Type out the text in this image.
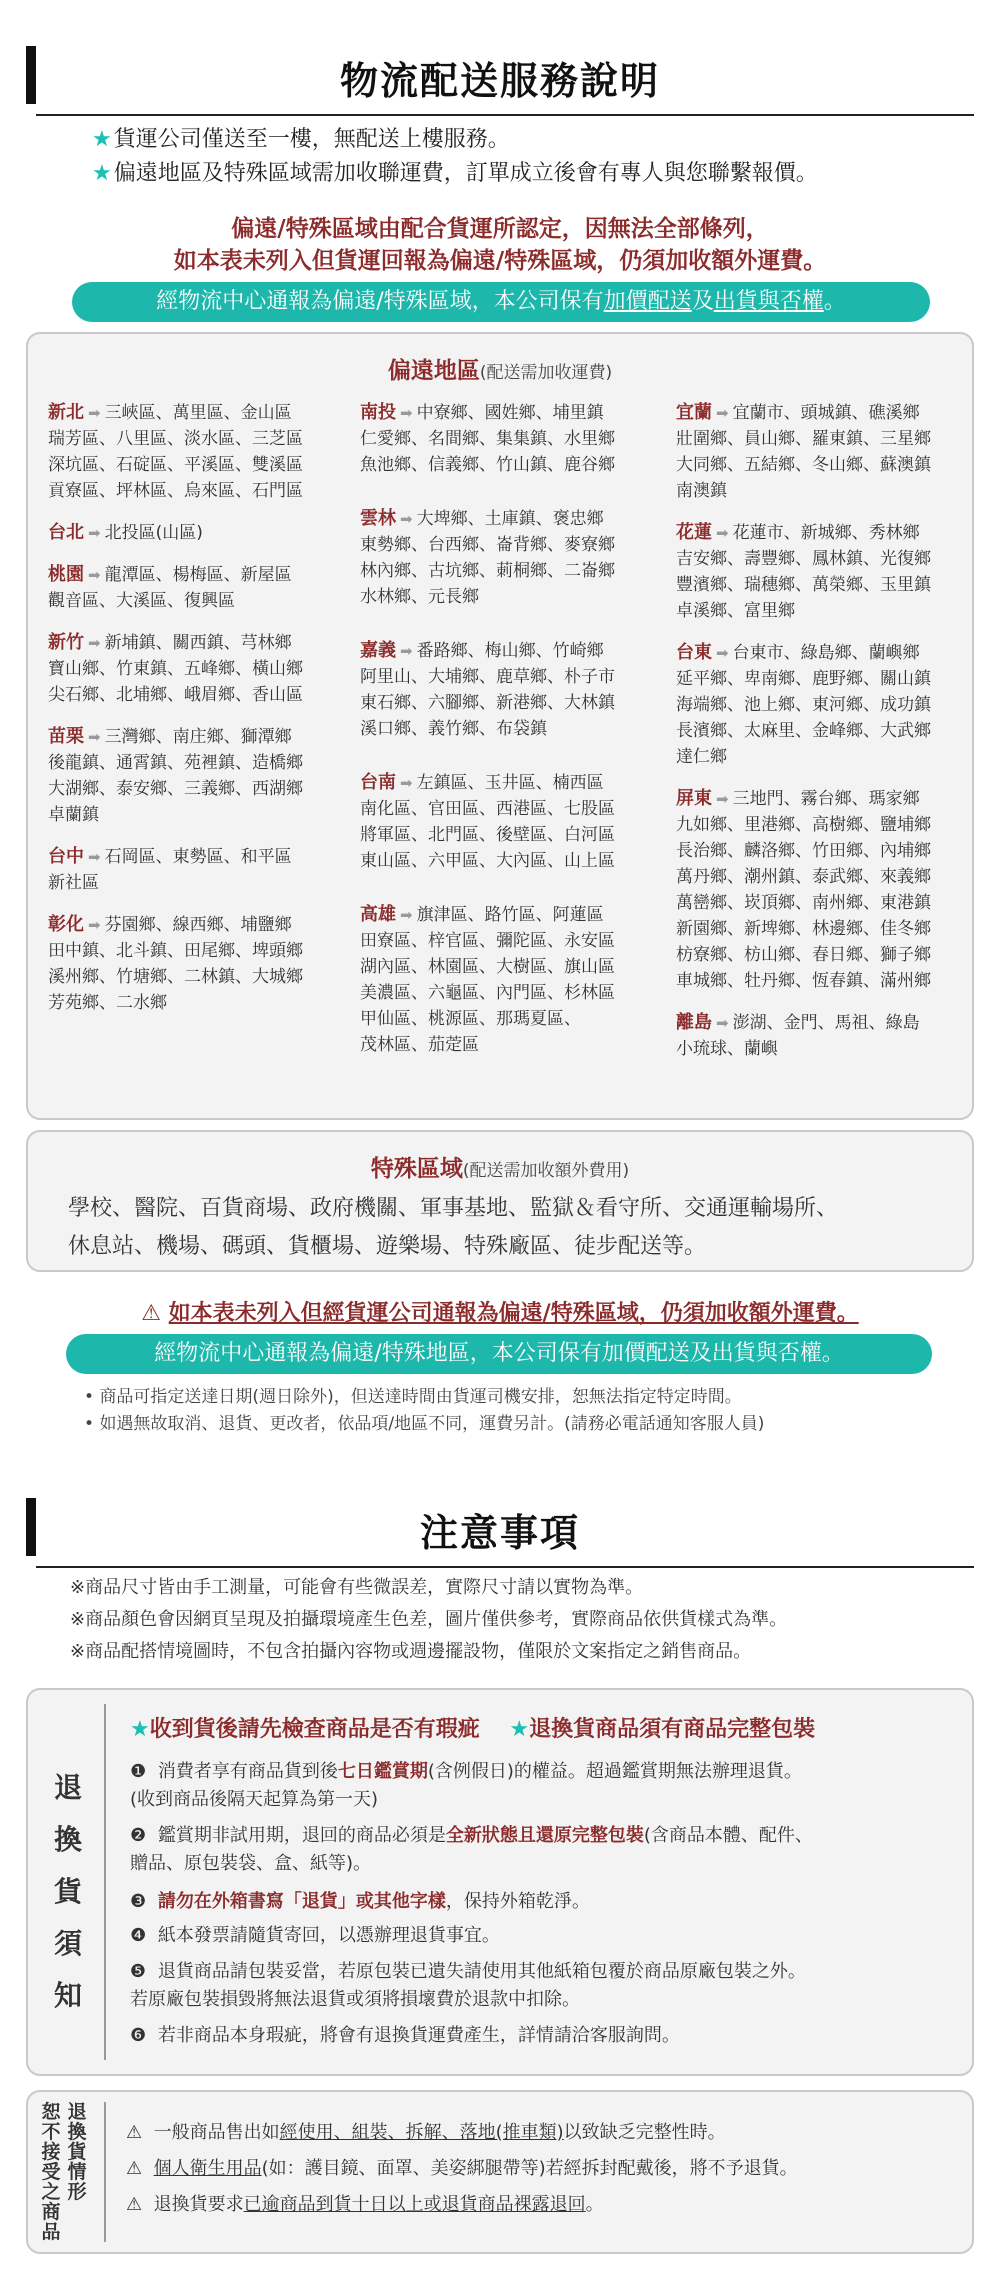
物流配送服務說明
★貨運公司僅送至一樓，無配送上樓服務。
★偏遠地區及特殊區域需加收聯運費，訂單成立後會有專人與您聯繫報價。
偏遠/特殊區域由配合貨運所認定，因無法全部條列，
如本表未列入但貨運回報為偏遠/特殊區域，仍須加收額外運費。
經物流中心通報為偏遠/特殊區域，本公司保有加價配送及出貨與否權。
偏遠地區(配送需加收運費)
新北 ➡ 三峽區、萬里區、金山區
瑞芳區、八里區、淡水區、三芝區
深坑區、石碇區、平溪區、雙溪區
貢寮區、坪林區、烏來區、石門區
台北 ➡ 北投區(山區)
桃園 ➡ 龍潭區、楊梅區、新屋區
觀音區、大溪區、復興區
新竹 ➡ 新埔鎮、關西鎮、芎林鄉
寶山鄉、竹東鎮、五峰鄉、橫山鄉
尖石鄉、北埔鄉、峨眉鄉、香山區
苗栗 ➡ 三灣鄉、南庄鄉、獅潭鄉
後龍鎮、通霄鎮、苑裡鎮、造橋鄉
大湖鄉、泰安鄉、三義鄉、西湖鄉
卓蘭鎮
台中 ➡ 石岡區、東勢區、和平區
新社區
彰化 ➡ 芬園鄉、線西鄉、埔鹽鄉
田中鎮、北斗鎮、田尾鄉、埤頭鄉
溪州鄉、竹塘鄉、二林鎮、大城鄉
芳苑鄉、二水鄉
南投 ➡ 中寮鄉、國姓鄉、埔里鎮
仁愛鄉、名間鄉、集集鎮、水里鄉
魚池鄉、信義鄉、竹山鎮、鹿谷鄉
雲林 ➡ 大埤鄉、土庫鎮、褒忠鄉
東勢鄉、台西鄉、崙背鄉、麥寮鄉
林內鄉、古坑鄉、莿桐鄉、二崙鄉
水林鄉、元長鄉
嘉義 ➡ 番路鄉、梅山鄉、竹崎鄉
阿里山、大埔鄉、鹿草鄉、朴子市
東石鄉、六腳鄉、新港鄉、大林鎮
溪口鄉、義竹鄉、布袋鎮
台南 ➡ 左鎮區、玉井區、楠西區
南化區、官田區、西港區、七股區
將軍區、北門區、後壁區、白河區
東山區、六甲區、大內區、山上區
高雄 ➡ 旗津區、路竹區、阿蓮區
田寮區、梓官區、彌陀區、永安區
湖內區、林園區、大樹區、旗山區
美濃區、六龜區、內門區、杉林區
甲仙區、桃源區、那瑪夏區、
茂林區、茄萣區
宜蘭 ➡ 宜蘭市、頭城鎮、礁溪鄉
壯圍鄉、員山鄉、羅東鎮、三星鄉
大同鄉、五結鄉、冬山鄉、蘇澳鎮
南澳鎮
花蓮 ➡ 花蓮市、新城鄉、秀林鄉
吉安鄉、壽豐鄉、鳳林鎮、光復鄉
豐濱鄉、瑞穗鄉、萬榮鄉、玉里鎮
卓溪鄉、富里鄉
台東 ➡ 台東市、綠島鄉、蘭嶼鄉
延平鄉、卑南鄉、鹿野鄉、關山鎮
海端鄉、池上鄉、東河鄉、成功鎮
長濱鄉、太麻里、金峰鄉、大武鄉
達仁鄉
屏東 ➡ 三地門、霧台鄉、瑪家鄉
九如鄉、里港鄉、高樹鄉、鹽埔鄉
長治鄉、麟洛鄉、竹田鄉、內埔鄉
萬丹鄉、潮州鎮、泰武鄉、來義鄉
萬巒鄉、崁頂鄉、南州鄉、東港鎮
新園鄉、新埤鄉、林邊鄉、佳冬鄉
枋寮鄉、枋山鄉、春日鄉、獅子鄉
車城鄉、牡丹鄉、恆春鎮、滿州鄉
離島 ➡ 澎湖、金門、馬祖、綠島
小琉球、蘭嶼
特殊區域(配送需加收額外費用)
學校、醫院、百貨商場、政府機關、軍事基地、監獄＆看守所、交通運輸場所、
休息站、機場、碼頭、貨櫃場、遊樂場、特殊廠區、徒步配送等。
⚠ 如本表未列入但經貨運公司通報為偏遠/特殊區域，仍須加收額外運費。
經物流中心通報為偏遠/特殊地區，本公司保有加價配送及出貨與否權。
• 商品可指定送達日期(週日除外)，但送達時間由貨運司機安排，恕無法指定特定時間。
• 如遇無故取消、退貨、更改者，依品項/地區不同，運費另計。(請務必電話通知客服人員)
注意事項
※商品尺寸皆由手工測量，可能會有些微誤差，實際尺寸請以實物為準。
※商品顏色會因網頁呈現及拍攝環境產生色差，圖片僅供參考，實際商品依供貨樣式為準。
※商品配搭情境圖時，不包含拍攝內容物或週邊擺設物，僅限於文案指定之銷售商品。
退
換
貨
須
知
★收到貨後請先檢查商品是否有瑕疵 ★退換貨商品須有商品完整包裝
❶ 消費者享有商品貨到後七日鑑賞期(含例假日)的權益。超過鑑賞期無法辦理退貨。
(收到商品後隔天起算為第一天)
❷ 鑑賞期非試用期，退回的商品必須是全新狀態且還原完整包裝(含商品本體、配件、
贈品、原包裝袋、盒、紙等)。
❸ 請勿在外箱書寫「退貨」或其他字樣，保持外箱乾淨。
❹ 紙本發票請隨貨寄回，以憑辦理退貨事宜。
❺ 退貨商品請包裝妥當，若原包裝已遺失請使用其他紙箱包覆於商品原廠包裝之外。
若原廠包裝損毀將無法退貨或須將損壞費於退款中扣除。
❻ 若非商品本身瑕疵，將會有退換貨運費產生，詳情請洽客服詢問。
恕
不
接
受
之
商
品
退
換
貨
情
形
⚠ 一般商品售出如經使用、組裝、拆解、落地(推車類)以致缺乏完整性時。
⚠ 個人衛生用品(如：護目鏡、面罩、美姿綁腿帶等)若經拆封配戴後，將不予退貨。
⚠ 退換貨要求已逾商品到貨十日以上或退貨商品裸露退回。
